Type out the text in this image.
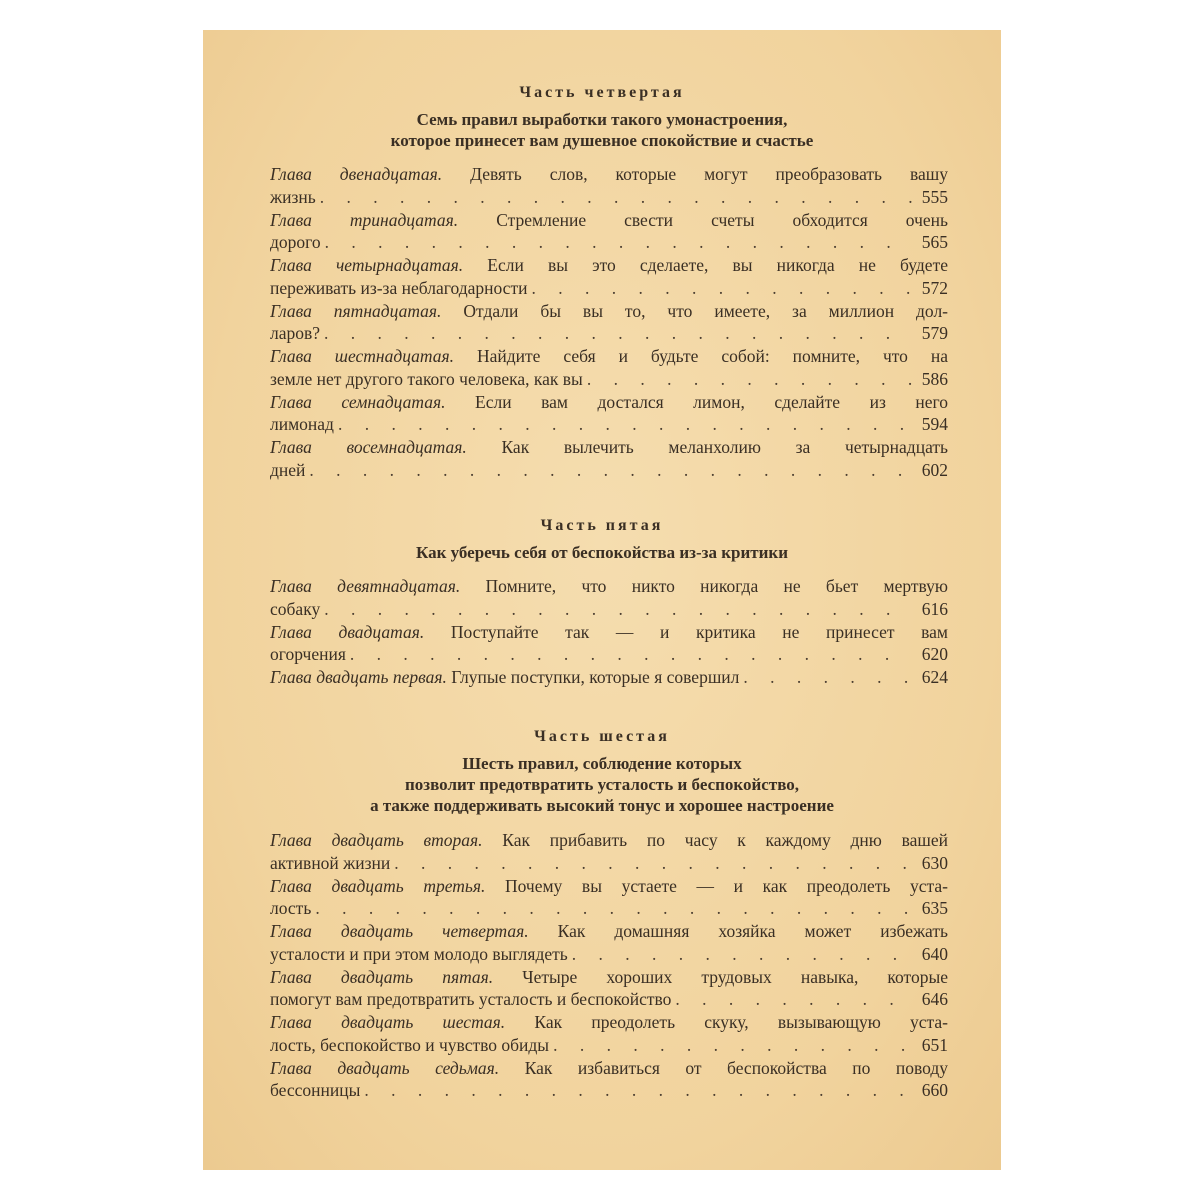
Часть четвертая
Семь правил выработки такого умонастроения,
которое принесет вам душевное спокойствие и счастье
Глава двенадцатая. Девять слов, которые могут преобразовать вашу
жизнь . . .	555
Глава тринадцатая. Стремление свести счеты обходится очень
дорого . . .	565
Глава четырнадцатая. Если вы это сделаете, вы никогда не будете
переживать из-за неблагодарности . . .	572
Глава пятнадцатая. Отдали бы вы то, что имеете, за миллион дол-
ларов? . . .	579
Глава шестнадцатая. Найдите себя и будьте собой: помните, что на
земле нет другого такого человека, как вы . . .	586
Глава семнадцатая. Если вам достался лимон, сделайте из него
лимонад . . .	594
Глава восемнадцатая. Как вылечить меланхолию за четырнадцать
дней . . .	602
Часть пятая
Как уберечь себя от беспокойства из-за критики
Глава девятнадцатая. Помните, что никто никогда не бьет мертвую
собаку . . .	616
Глава двадцатая. Поступайте так — и критика не принесет вам
огорчения . . .	620
Глава двадцать первая.
Глупые поступки, которые я совершил . . .	624
Часть шестая
Шесть правил, соблюдение которых
позволит предотвратить усталость и беспокойство,
а также поддерживать высокий тонус и хорошее настроение
Глава двадцать вторая. Как прибавить по часу к каждому дню вашей
активной жизни . . .	630
Глава двадцать третья. Почему вы устаете — и как преодолеть уста-
лость . . .	635
Глава двадцать четвертая. Как домашняя хозяйка может избежать
усталости и при этом молодо выглядеть . . .	640
Глава двадцать пятая. Четыре хороших трудовых навыка, которые
помогут вам предотвратить усталость и беспокойство . . .	646
Глава двадцать шестая. Как преодолеть скуку, вызывающую уста-
лость, беспокойство и чувство обиды . . .	651
Глава двадцать седьмая. Как избавиться от беспокойства по поводу
бессонницы . . .	660
